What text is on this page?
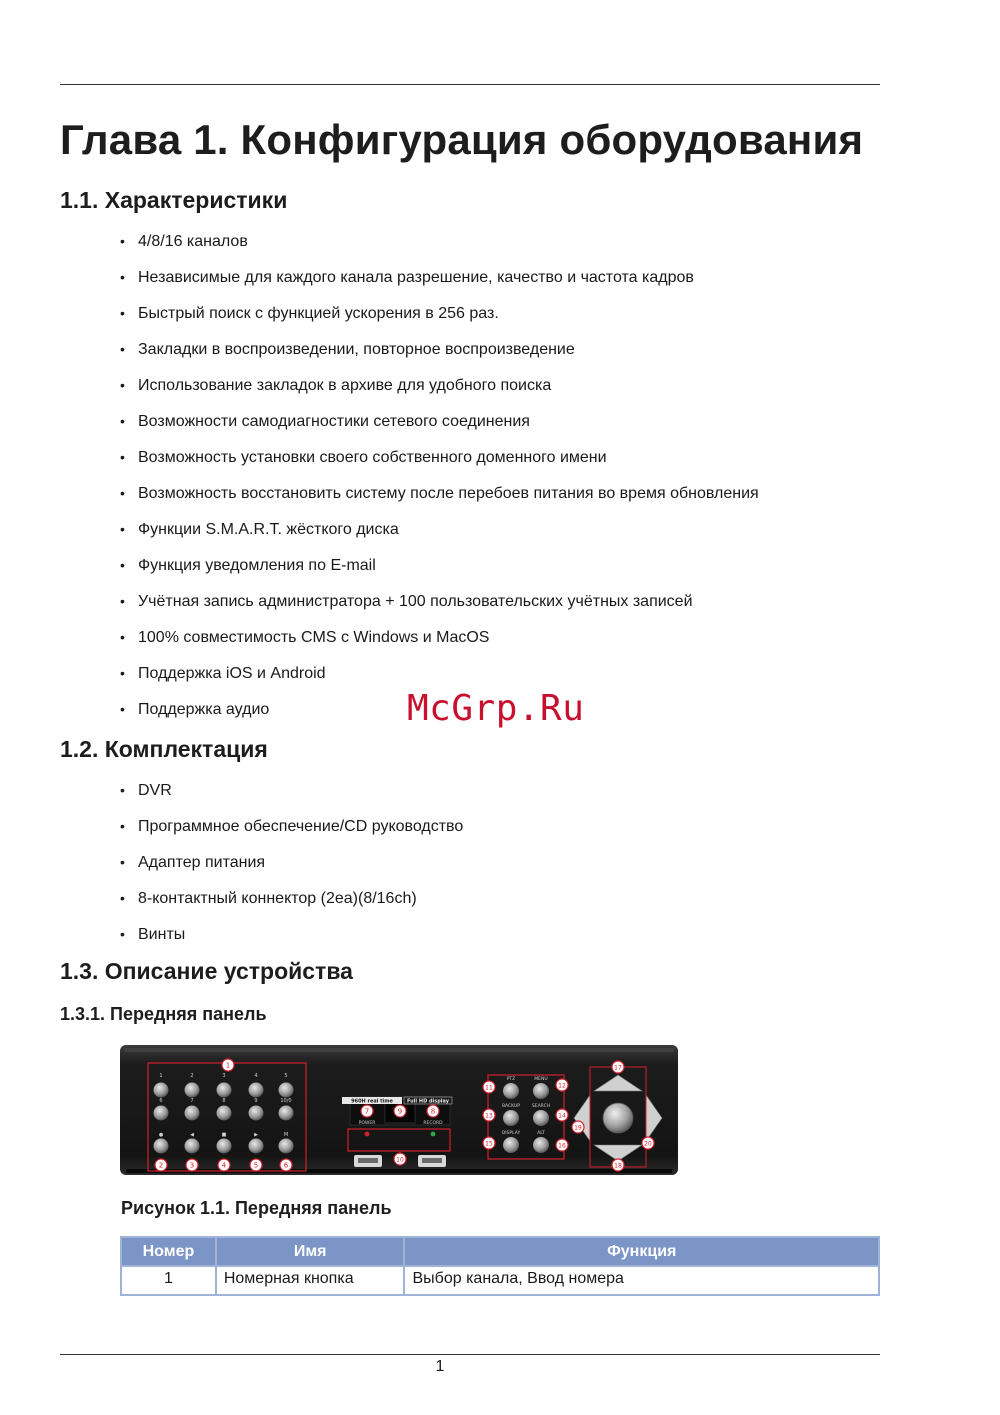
Глава 1. Конфигурация оборудования
1.1. Характеристики
• 4/8/16 каналов
• Независимые для каждого канала разрешение, качество и частота кадров
• Быстрый поиск с функцией ускорения в 256 раз.
• Закладки в воспроизведении, повторное воспроизведение
• Использование закладок в архиве для удобного поиска
• Возможности самодиагностики сетевого соединения
• Возможность установки своего собственного доменного имени
• Возможность восстановить систему после перебоев питания во время обновления
• Функции S.M.A.R.T. жёсткого диска
• Функция уведомления по E-mail
• Учётная запись администратора + 100 пользовательских учётных записей
• 100% совместимость CMS с Windows и MacOS
• Поддержка iOS и Android
• Поддержка аудио	McGrp.Ru
1.2. Комплектация
• DVR
• Программное обеспечение/CD руководство
• Адаптер питания
• 8-контактный коннектор (2ea)(8/16ch)
• Винты
1.3. Описание устройства
1.3.1. Передняя панель
1	2	3	4	5
6	7	8	9	10/0
●	◀	■	▶	M
960H real time	Full HD display
POWER	RECORD
PTZ	MENU
BACKUP	SEARCH
DISPLAY	ALT
1
2	3	4	5	6
7	8
9
10
11	12
13	14
15	16
17
18
19
20
Рисунок 1.1. Передняя панель
Номер	Имя	Функция
1	Номерная кнопка	Выбор канала, Ввод номера
1
